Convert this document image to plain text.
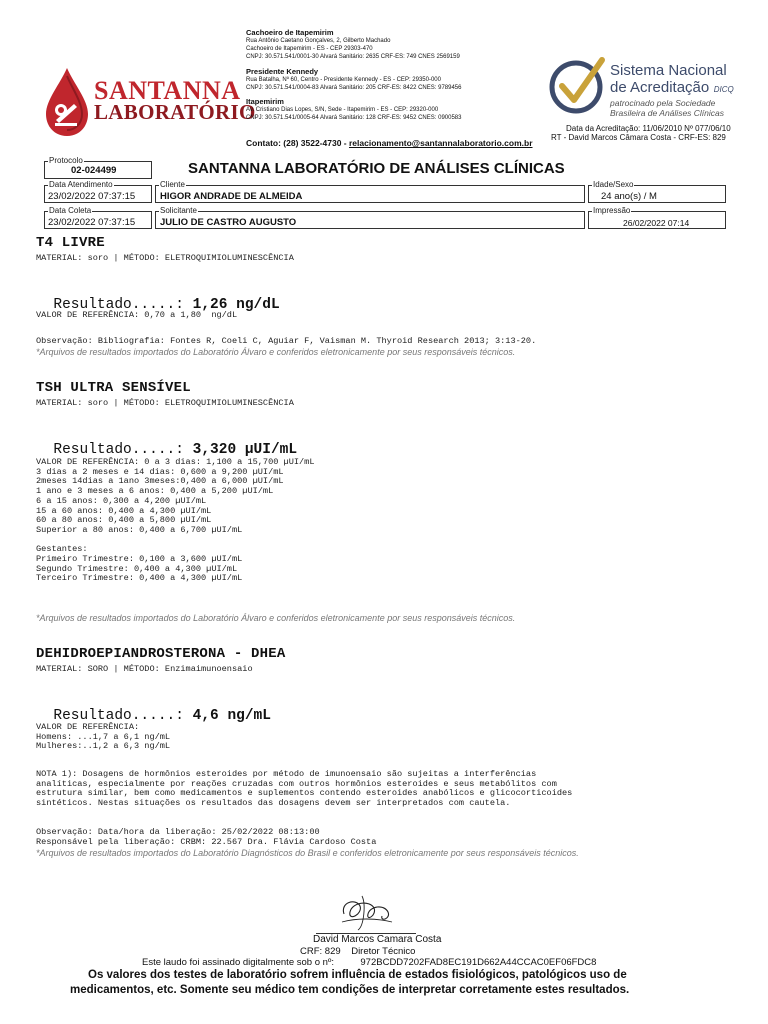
SANTANNA
LABORATÓRIO
Cachoeiro de Itapemirim
Rua Antônio Caetano Gonçalves, 2, Gilberto Machado
Cachoeiro de Itapemirim - ES - CEP 29303-470
CNPJ: 30.571.541/0001-30 Alvará Sanitário: 2635 CRF-ES: 749 CNES 2569159
Presidente Kennedy
Rua Batalha, Nº 60, Centro - Presidente Kennedy - ES - CEP: 29350-000
CNPJ: 30.571.541/0004-83 Alvará Sanitário: 205 CRF-ES: 8422 CNES: 9789456
Itapemirim
Av. Cristiano Dias Lopes, S/N, Sede - Itapemirim - ES - CEP: 29320-000
CNPJ: 30.571.541/0005-64 Alvará Sanitário: 128 CRF-ES: 9452 CNES: 0900583
Contato: (28) 3522-4730 - relacionamento@santannalaboratorio.com.br
Sistema Nacional
de Acreditação DICQ
patrocinado pela Sociedade
Brasileira de Análises Clínicas
Data da Acreditação: 11/06/2010 Nº 077/06/10
RT - David Marcos Câmara Costa - CRF-ES: 829
Protocolo
02-024499	SANTANNA LABORATÓRIO DE ANÁLISES CLÍNICAS
Data Atendimento
23/02/2022 07:37:15
Cliente
HIGOR ANDRADE DE ALMEIDA
Idade/Sexo
24 ano(s) / M
Data Coleta
23/02/2022 07:37:15
Solicitante
JULIO DE CASTRO AUGUSTO
Impressão
26/02/2022 07:14
T4 LIVRE
MATERIAL: soro | MÉTODO: ELETROQUIMIOLUMINESCÊNCIA

Resultado.....: 1,26 ng/dL

VALOR DE REFERÊNCIA: 0,70 a 1,80  ng/dL
Observação: Bibliografia: Fontes R, Coeli C, Aguiar F, Vaisman M. Thyroid Research 2013; 3:13-20.
*Arquivos de resultados importados do Laboratório Álvaro e conferidos eletronicamente por seus responsáveis técnicos.
TSH ULTRA SENSÍVEL
MATERIAL: soro | MÉTODO: ELETROQUIMIOLUMINESCÊNCIA

Resultado.....: 3,320 µUI/mL

VALOR DE REFERÊNCIA: 0 a 3 dias: 1,100 a 15,700 µUI/mL
3 dias a 2 meses e 14 dias: 0,600 a 9,200 µUI/mL
2meses 14dias a 1ano 3meses:0,400 a 6,000 µUI/mL
1 ano e 3 meses a 6 anos: 0,400 a 5,200 µUI/mL
6 a 15 anos: 0,300 a 4,200 µUI/mL
15 a 60 anos: 0,400 a 4,300 µUI/mL
60 a 80 anos: 0,400 a 5,800 µUI/mL
Superior a 80 anos: 0,400 a 6,700 µUI/mL

Gestantes:
Primeiro Trimestre: 0,100 a 3,600 µUI/mL
Segundo Trimestre: 0,400 a 4,300 µUI/mL
Terceiro Trimestre: 0,400 a 4,300 µUI/mL
*Arquivos de resultados importados do Laboratório Álvaro e conferidos eletronicamente por seus responsáveis técnicos.
DEHIDROEPIANDROSTERONA - DHEA
MATERIAL: SORO | MÉTODO: Enzimaimunoensaio

Resultado.....: 4,6 ng/mL

VALOR DE REFERÊNCIA:
Homens: ...1,7 a 6,1 ng/mL
Mulheres:..1,2 a 6,3 ng/mL
NOTA 1): Dosagens de hormônios esteroides por método de imunoensaio são sujeitas a interferências
analíticas, especialmente por reações cruzadas com outros hormônios esteroides e seus metabólitos com
estrutura similar, bem como medicamentos e suplementos contendo esteroides anabólicos e glicocorticoides
sintéticos. Nestas situações os resultados das dosagens devem ser interpretados com cautela.
Observação: Data/hora da liberação: 25/02/2022 08:13:00
Responsável pela liberação: CRBM: 22.567 Dra. Flávia Cardoso Costa
*Arquivos de resultados importados do Laboratório Diagnósticos do Brasil e conferidos eletronicamente por seus responsáveis técnicos.
David Marcos Camara Costa
CRF: 829    Diretor Técnico
Este laudo foi assinado digitalmente sob o nº:          972BCDD7202FAD8EC191D662A44CCAC0EF06FDC8
Os valores dos testes de laboratório sofrem influência de estados fisiológicos, patológicos uso de
medicamentos, etc. Somente seu médico tem condições de interpretar corretamente estes resultados.
